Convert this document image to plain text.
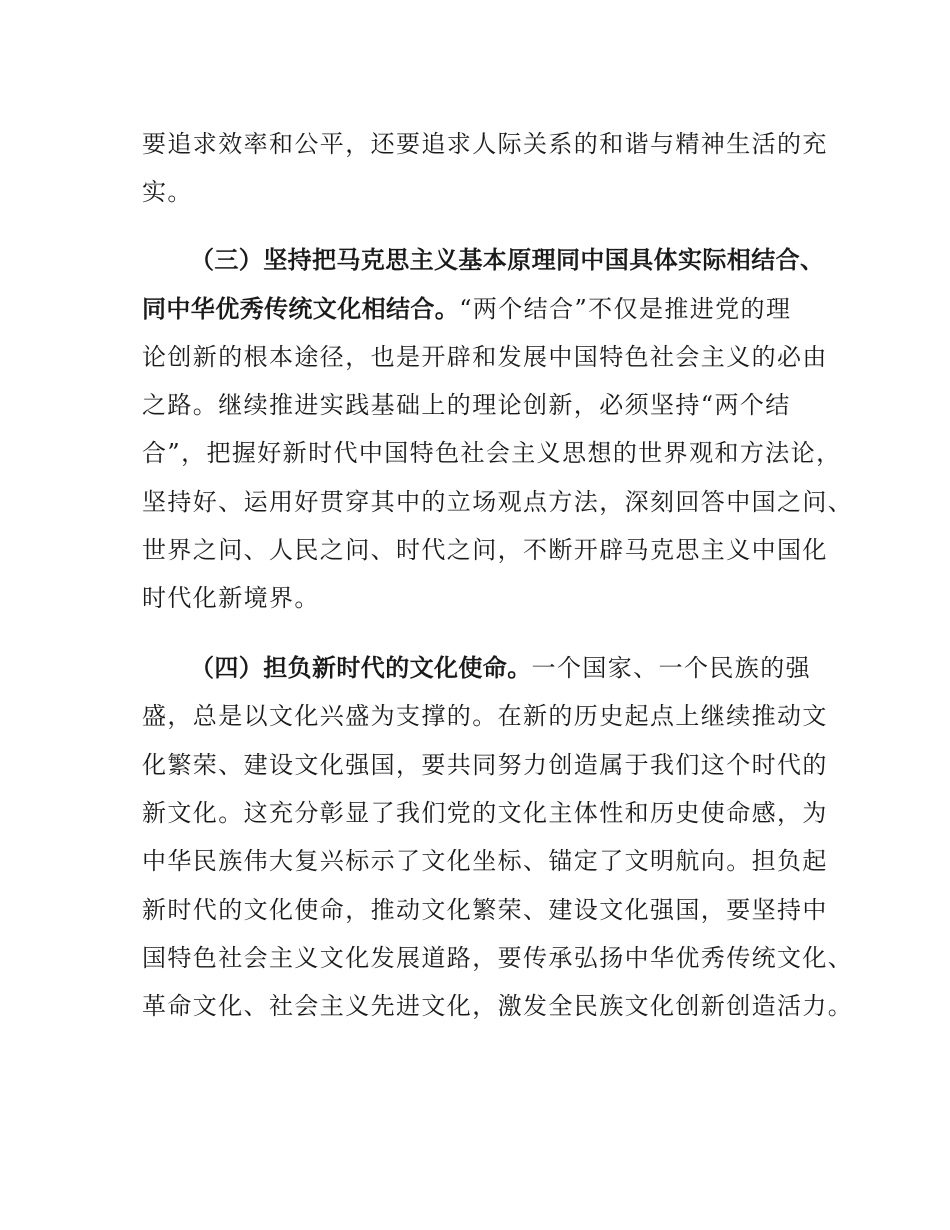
要追求效率和公平，还要追求人际关系的和谐与精神生活的充
实。
（三）坚持把马克思主义基本原理同中国具体实际相结合、
同中华优秀传统文化相结合。“两个结合”不仅是推进党的理
论创新的根本途径，也是开辟和发展中国特色社会主义的必由
之路。继续推进实践基础上的理论创新，必须坚持“两个结
合”，把握好新时代中国特色社会主义思想的世界观和方法论，
坚持好、运用好贯穿其中的立场观点方法，深刻回答中国之问、
世界之问、人民之问、时代之问，不断开辟马克思主义中国化
时代化新境界。
（四）担负新时代的文化使命。一个国家、一个民族的强
盛，总是以文化兴盛为支撑的。在新的历史起点上继续推动文
化繁荣、建设文化强国，要共同努力创造属于我们这个时代的
新文化。这充分彰显了我们党的文化主体性和历史使命感，为
中华民族伟大复兴标示了文化坐标、锚定了文明航向。担负起
新时代的文化使命，推动文化繁荣、建设文化强国，要坚持中
国特色社会主义文化发展道路，要传承弘扬中华优秀传统文化、
革命文化、社会主义先进文化，激发全民族文化创新创造活力。
